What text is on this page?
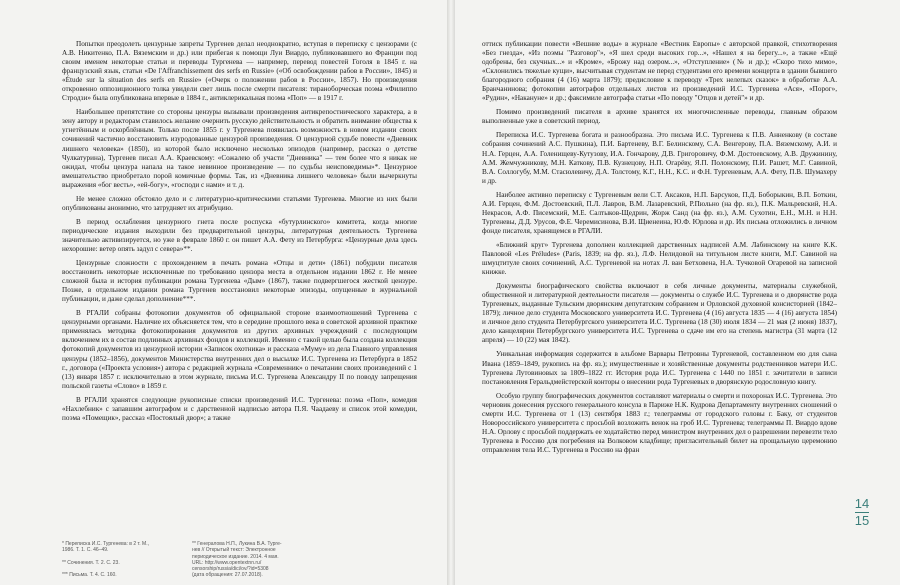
Попытки преодолеть цензурные запреты Тургенев делал неоднократно, вступая в переписку с цензорами (с А.В. Никитенко, П.А. Вяземским и др.) или прибегая к помощи Луи Виардо, публиковавшего во Франции под своим именем некоторые статьи и переводы Тургенева — например, перевод повестей Гоголя в 1845 г. на французский язык, статьи «De l'Affranchissement des serfs en Russie» («Об освобождении рабов в России», 1845) и «Étude sur la situation des serfs en Russie» («Очерк о положении рабов в России», 1857). Но произведения откровенно оппозиционного толка увидели свет лишь после смерти писателя: тираноборческая поэма «Филиппо Стродзи» была опубликована впервые в 1884 г., антиклерикальная поэма «Поп» — в 1917 г.

Наибольшее препятствие со стороны цензуры вызывали произведения антикрепостнического характера, а в зену автору и редакторам ставилось желание очернить русскую действительность и обратить внимание общества к угнетённым и оскорблённым. Только после 1855 г. у Тургенева появилась возможность в новом издании своих сочинений частично восстановить изуродованные цензурой произведения. О цензурной судьбе повести «Дневник лишнего человека» (1850), из которой было исключено несколько эпизодов (например, рассказ о детстве Чулкатурина), Тургенев писал А.А. Краевскому: «Сожалею об участи "Дневника" — тем более что я никак не ожидал, чтобы цензура напала на такое невинное произведение — по судьбы неисповедимы»*. Цензурное вмешательство приобретало порой комичные формы. Так, из «Дневника лишнего человека» были вычеркнуты выражения «бог весть», «ей-богу», «господи с нами» и т. д.

Не менее сложно обстояло дело и с литературно-критическими статьями Тургенева. Многие из них были опубликованы анонимно, что затрудняет их атрибуцию.

В период ослабления цензурного гнета после роспуска «бутурлинского» комитета, когда многие периодические издания выходили без предварительной цензуры, литературная деятельность Тургенева значительно активизируется, но уже в феврале 1860 г. он пишет А.А. Фету из Петербурга: «Цензурные дела здесь нехорошие: ветер опять задул с севера»**.

Цензурные сложности с прохождением в печать романа «Отцы и дети» (1861) побудили писателя восстановить некоторые исключенные по требованию цензора места в отдельном издании 1862 г. Не менее сложной была и история публикации романа Тургенева «Дым» (1867), также подвергшегося жесткой цензуре. Позже, в отдельном издании романа Тургенев восстановил некоторые эпизоды, опущенные в журнальной публикации, и даже сделал дополнение***.

В РГАЛИ собраны фотокопии документов об официальной стороне взаимоотношений Тургенева с цензурными органами. Наличие их объясняется тем, что в середине прошлого века в советской архивной практике применялась методика фотокопирования документов из других архивных учреждений с последующим включением их в состав подлинных архивных фондов и коллекций. Именно с такой целью была создана коллекция фотокопий документов из цензурной истории «Записок охотника» и рассказа «Муму» из дела Главного управления цензуры (1852–1856), документов Министерства внутренних дел о высылке И.С. Тургенева из Петербурга в 1852 г., договора («Проекта условия») автора с редакцией журнала «Современник» о печатании своих произведений с 1 (13) января 1857 г. исключительно в этом журнале, письма И.С. Тургенева Александру II по поводу запрещения польской газеты «Слово» в 1859 г.

В РГАЛИ хранятся следующие рукописные списки произведений И.С. Тургенева: поэма «Поп», комедия «Нахлебник» с запавшим автографом и с дарственной надписью автора П.Я. Чаадаеву и список этой комедии, поэма «Помещик», рассказ «Постоялый двор»; а также

оттиск публикации повести «Вешние воды» в журнале «Вестник Европы» с авторской правкой, стихотворения «Без гнезда», «Из поэмы "Разговор"», «Я шел среди высоких гор...», «Нашел я на берегу...», а также «Ещё одобрены, без скучных...» и «Кроме», «Брожу над озером...», «Отступление» (№ и др.); «Скоро тихо мимо», «Склонились тяжелые кущи», высчитывая студентам не перед студентами его времени концерта в здании бывшего благородного собрания (4 (16) марта 1879); предисловие к переводу «Трех нелепых сказок» в обработке А.А. Бранчанинова; фотокопии автографов отдельных листов из произведений И.С. Тургенева «Ася», «Порог», «Рудин», «Накануне» и др.; факсимиле автографа статьи «По поводу "Отцов и детей"» и др.

Помимо произведений писателя в архиве хранятся их многочисленные переводы, главным образом выполненные уже в советский период.

Переписка И.С. Тургенева богата и разнообразна. Это письма И.С. Тургенева к П.В. Анненкову (в составе собрания сочинений А.С. Пушкина), П.И. Бартеневу, В.Г. Белинскому, С.А. Венгерову, П.А. Вяземскому, А.И. и Н.А. Герцен, А.А. Голенищеву-Кутузову, И.А. Гончарову, Д.В. Григоровичу, Ф.М. Достоевскому, А.В. Дружинину, А.М. Жемчужникову, М.Н. Каткову, П.В. Кузнецову, Н.П. Огарёву, Я.П. Полонскому, П.И. Рашет, М.Г. Савиной, В.А. Соллогубу, М.М. Стасюлевичу, Д.А. Толстому, К.Г., Н.Н., К.С. и Ф.Н. Тургеневым, А.А. Фету, П.В. Шумахеру и др.

Наиболее активно переписку с Тургеневым вели С.Т. Аксаков, Н.П. Барсуков, П.Д. Боборыкин, В.П. Боткин, А.И. Герцен, Ф.М. Достоевский, П.Л. Лавров, В.М. Лазаревский, Р.Пюльно (на фр. яз.), П.К. Мальревский, Н.А. Некрасов, А.Ф. Писемский, М.Е. Салтыков-Щедрин, Жорж Санд (на фр. яз.), А.М. Сухотин, Е.Н., М.Н. и Н.Н. Тургеневы, Д.Д. Урусов, Ф.Е. Черемисинова, В.И. Щиенеина, Ю.Ф. Юрлова и др. Их письма отложились в личном фонде писателя, хранящемся в РГАЛИ.

«Ближний круг» Тургенева дополнен коллекцией дарственных надписей А.М. Лабинскому на книге К.К. Павловой «Les Préludes» (Paris, 1839; на фр. яз.), Л.Ф. Нелидовой на титульном листе книги, М.Г. Савиной на шмуцтитуле своих сочинений, А.С. Тургеневой на нотах Л. ван Бетховена, Н.А. Тучковой Огаревой на записной книжке.

Документы биографического свойства включают в себя личные документы, материалы служебной, общественной и литературной деятельности писателя — документы о службе И.С. Тургенева и о дворянстве рода Тургеневых, выданные Тульским дворянским депутатским собранием и Орловской духовной консисторией (1842–1879); личное дело студента Московского университета И.С. Тургенева (4 (16) августа 1835 — 4 (16) августа 1854) и личное дело студента Петербургского университета И.С. Тургенева (18 (30) июля 1834 — 21 мая (2 июня) 1837), дело канцелярии Петербургского университета И.С. Тургенева о сдаче им его на степень магистра (31 марта (12 апреля) — 10 (22) мая 1842).

Уникальная информация содержится в альбоме Варвары Петровны Тургеневой, составленном ею для сына Ивана (1859–1849, рукопись на фр. яз.); имущественные и хозяйственные документы родственников матери И.С. Тургенева Лутовиновых за 1809–1822 гг. История рода И.С. Тургенева с 1440 по 1851 г. зачитатели в записи постановления Геральдмейстерской конторы о внесении рода Тургеневых в дворянскую родословную книгу.

Особую группу биографических документов составляют материалы о смерти и похоронах И.С. Тургенева. Это черновик донесения русского генерального консула в Париже Н.К. Кудрова Департаменту внутренних сношений о смерти И.С. Тургенева от 1 (13) сентября 1883 г.; телеграммы от городского головы г. Баку, от студентов Новороссийского университета с просьбой возложить венок на гроб И.С. Тургенева; телеграммы П. Виардо вдове Н.А. Орлову с просьбой поддержать ее ходатайство перед министром внутренних дел о разрешении перевезти тело Тургенева в Россию для погребения на Волковом кладбище; пригласительный билет на прощальную церемонию отправления тела И.С. Тургенева в Россию на фран

* Переписка И.С. Тургенева: в 2 т. М.,
1986. Т. 1. С. 46–49.

** Сочинения. Т. 2. С. 23.

*** Письма. Т. 4. С. 160.
** Генералова Н.П., Лукина В.А. Турге-
нев // Открытый текст: Электронное
периодическое издание. 2014. 4 мая.
URL: http://www.opentextnn.ru/
censorship/russia/dici/ov/?id=5308
(дата обращения: 27.07.2018).
14
15
